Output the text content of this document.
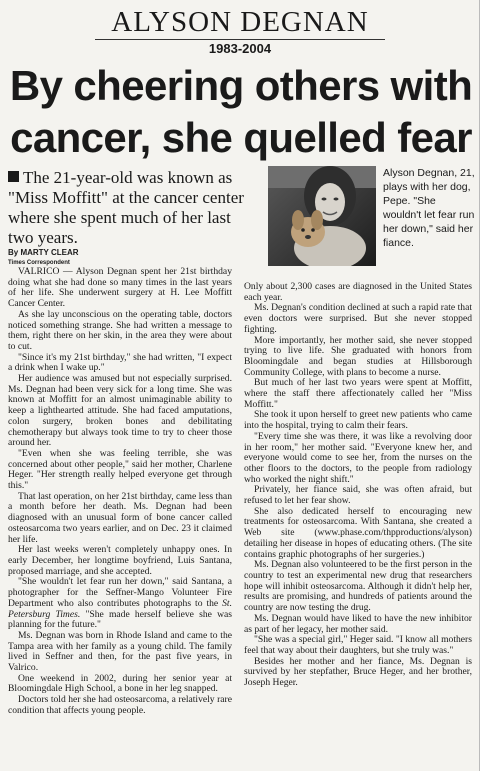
ALYSON DEGNAN
1983-2004
By cheering others with cancer, she quelled fear
The 21-year-old was known as "Miss Moffitt" at the cancer center where she spent much of her last two years.
By MARTY CLEAR
Times Correspondent
Alyson Degnan, 21, plays with her dog, Pepe. "She wouldn't let fear run her down," said her fiance.

VALRICO — Alyson Degnan spent her 21st birthday doing what she had done so many times in the last years of her life. She underwent surgery at H. Lee Moffitt Cancer Center.

As she lay unconscious on the operating table, doctors noticed something strange. She had written a message to them, right there on her skin, in the area they were about to cut.

"Since it's my 21st birthday," she had written, "I expect a drink when I wake up."

Her audience was amused but not especially surprised. Ms. Degnan had been very sick for a long time. She was known at Moffitt for an almost unimaginable ability to keep a lighthearted attitude. She had faced amputations, colon surgery, broken bones and debilitating chemotherapy but always took time to try to cheer those around her.

"Even when she was feeling terrible, she was concerned about other people," said her mother, Charlene Heger. "Her strength really helped everyone get through this."

That last operation, on her 21st birthday, came less than a month before her death. Ms. Degnan had been diagnosed with an unusual form of bone cancer called osteosarcoma two years earlier, and on Dec. 23 it claimed her life.

Her last weeks weren't completely unhappy ones. In early December, her longtime boyfriend, Luis Santana, proposed marriage, and she accepted.

"She wouldn't let fear run her down," said Santana, a photographer for the Seffner-Mango Volunteer Fire Department who also contributes photographs to the St. Petersburg Times. "She made herself believe she was planning for the future."

Ms. Degnan was born in Rhode Island and came to the Tampa area with her family as a young child. The family lived in Seffner and then, for the past five years, in Valrico.

One weekend in 2002, during her senior year at Bloomingdale High School, a bone in her leg snapped.

Doctors told her she had osteosarcoma, a relatively rare condition that affects young people.

Only about 2,300 cases are diagnosed in the United States each year.

Ms. Degnan's condition declined at such a rapid rate that even doctors were surprised. But she never stopped fighting.

More importantly, her mother said, she never stopped trying to live life. She graduated with honors from Bloomingdale and began studies at Hillsborough Community College, with plans to become a nurse.

But much of her last two years were spent at Moffitt, where the staff there affectionately called her "Miss Moffitt."

She took it upon herself to greet new patients who came into the hospital, trying to calm their fears.

"Every time she was there, it was like a revolving door in her room," her mother said. "Everyone knew her, and everyone would come to see her, from the nurses on the other floors to the doctors, to the people from radiology who worked the night shift."

Privately, her fiance said, she was often afraid, but refused to let her fear show.

She also dedicated herself to encouraging new treatments for osteosarcoma. With Santana, she created a Web site (www.phase.com/thpproductions/alyson) detailing her disease in hopes of educating others. (The site contains graphic photographs of her surgeries.)

Ms. Degnan also volunteered to be the first person in the country to test an experimental new drug that researchers hope will inhibit osteosarcoma. Although it didn't help her, results are promising, and hundreds of patients around the country are now testing the drug.

Ms. Degnan would have liked to have the new inhibitor as part of her legacy, her mother said.

"She was a special girl," Heger said. "I know all mothers feel that way about their daughters, but she truly was."

Besides her mother and her fiance, Ms. Degnan is survived by her stepfather, Bruce Heger, and her brother, Joseph Heger.
